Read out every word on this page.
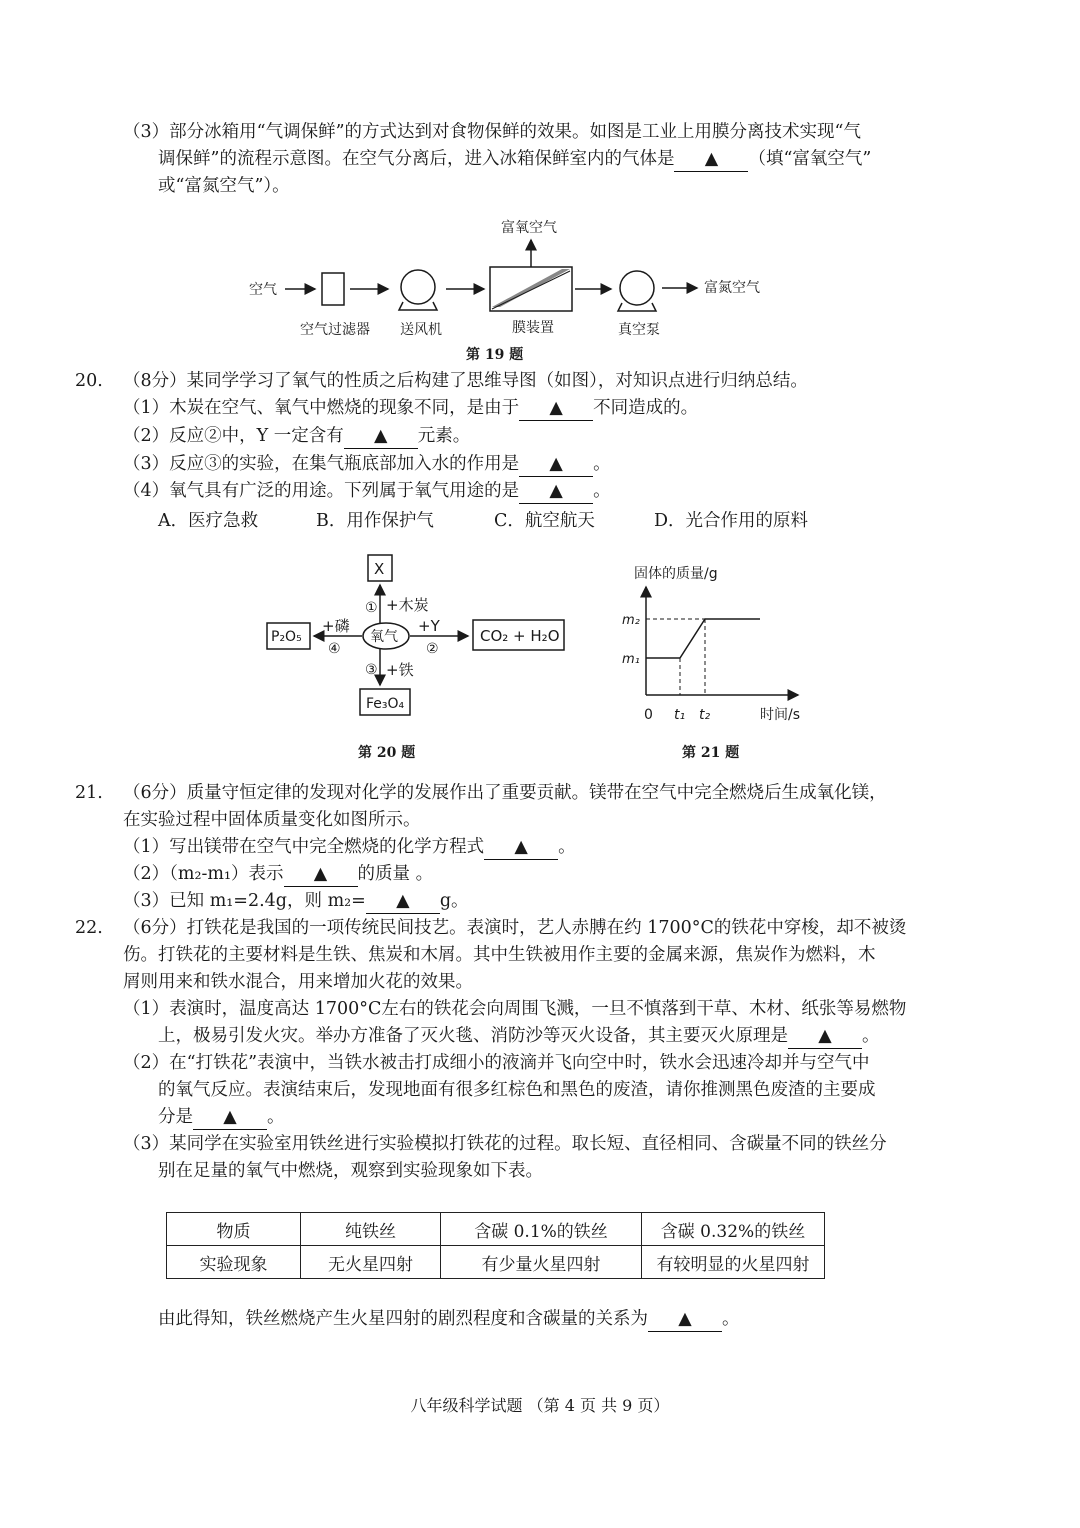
（3）部分冰箱用“气调保鲜”的方式达到对食物保鲜的效果。如图是工业上用膜分离技术实现“气
调保鲜”的流程示意图。在空气分离后，进入冰箱保鲜室内的气体是 ▲ （填“富氧空气”
或“富氮空气”）。
空气
空气过滤器 送风机	膜装置
富氧空气
真空泵
富氮空气
第 19 题
20. （8分）某同学学习了氧气的性质之后构建了思维导图（如图），对知识点进行归纳总结。
（1）木炭在空气、氧气中燃烧的现象不同，是由于 ▲ 不同造成的。
（2）反应②中，Y 一定含有 ▲ 元素。
（3）反应③的实验，在集气瓶底部加入水的作用是 ▲ 。
（4）氧气具有广泛的用途。下列属于氧气用途的是 ▲ 。
A．医疗急救	B．用作保护气	C．航空航天	D．光合作用的原料
X
氧气
① +木炭
+Y
②
CO₂ + H₂O
③ +铁
Fe₃O₄
+磷
④
P₂O₅
第 20 题
固体的质量/g
0	时间/s
t₁ t₂
m₁
m₂
第 21 题
21. （6分）质量守恒定律的发现对化学的发展作出了重要贡献。镁带在空气中完全燃烧后生成氧化镁，
在实验过程中固体质量变化如图所示。
（1）写出镁带在空气中完全燃烧的化学方程式 ▲ 。
（2）（m₂-m₁）表示 ▲ 的质量 。
（3）已知 m₁=2.4g，则 m₂= ▲ g。
22. （6分）打铁花是我国的一项传统民间技艺。表演时，艺人赤膊在约 1700°C的铁花中穿梭，却不被烫
伤。打铁花的主要材料是生铁、焦炭和木屑。其中生铁被用作主要的金属来源，焦炭作为燃料，木
屑则用来和铁水混合，用来增加火花的效果。
（1）表演时，温度高达 1700°C左右的铁花会向周围飞溅，一旦不慎落到干草、木材、纸张等易燃物
上，极易引发火灾。举办方准备了灭火毯、消防沙等灭火设备，其主要灭火原理是 ▲ 。
（2）在“打铁花”表演中，当铁水被击打成细小的液滴并飞向空中时，铁水会迅速冷却并与空气中
的氧气反应。表演结束后，发现地面有很多红棕色和黑色的废渣，请你推测黑色废渣的主要成
分是 ▲ 。
（3）某同学在实验室用铁丝进行实验模拟打铁花的过程。取长短、直径相同、含碳量不同的铁丝分
别在足量的氧气中燃烧，观察到实验现象如下表。
物质	纯铁丝	含碳 0.1%的铁丝	含碳 0.32%的铁丝
实验现象	无火星四射	有少量火星四射	有较明显的火星四射
由此得知，铁丝燃烧产生火星四射的剧烈程度和含碳量的关系为 ▲ 。
八年级科学试题 （第 4 页 共 9 页）
